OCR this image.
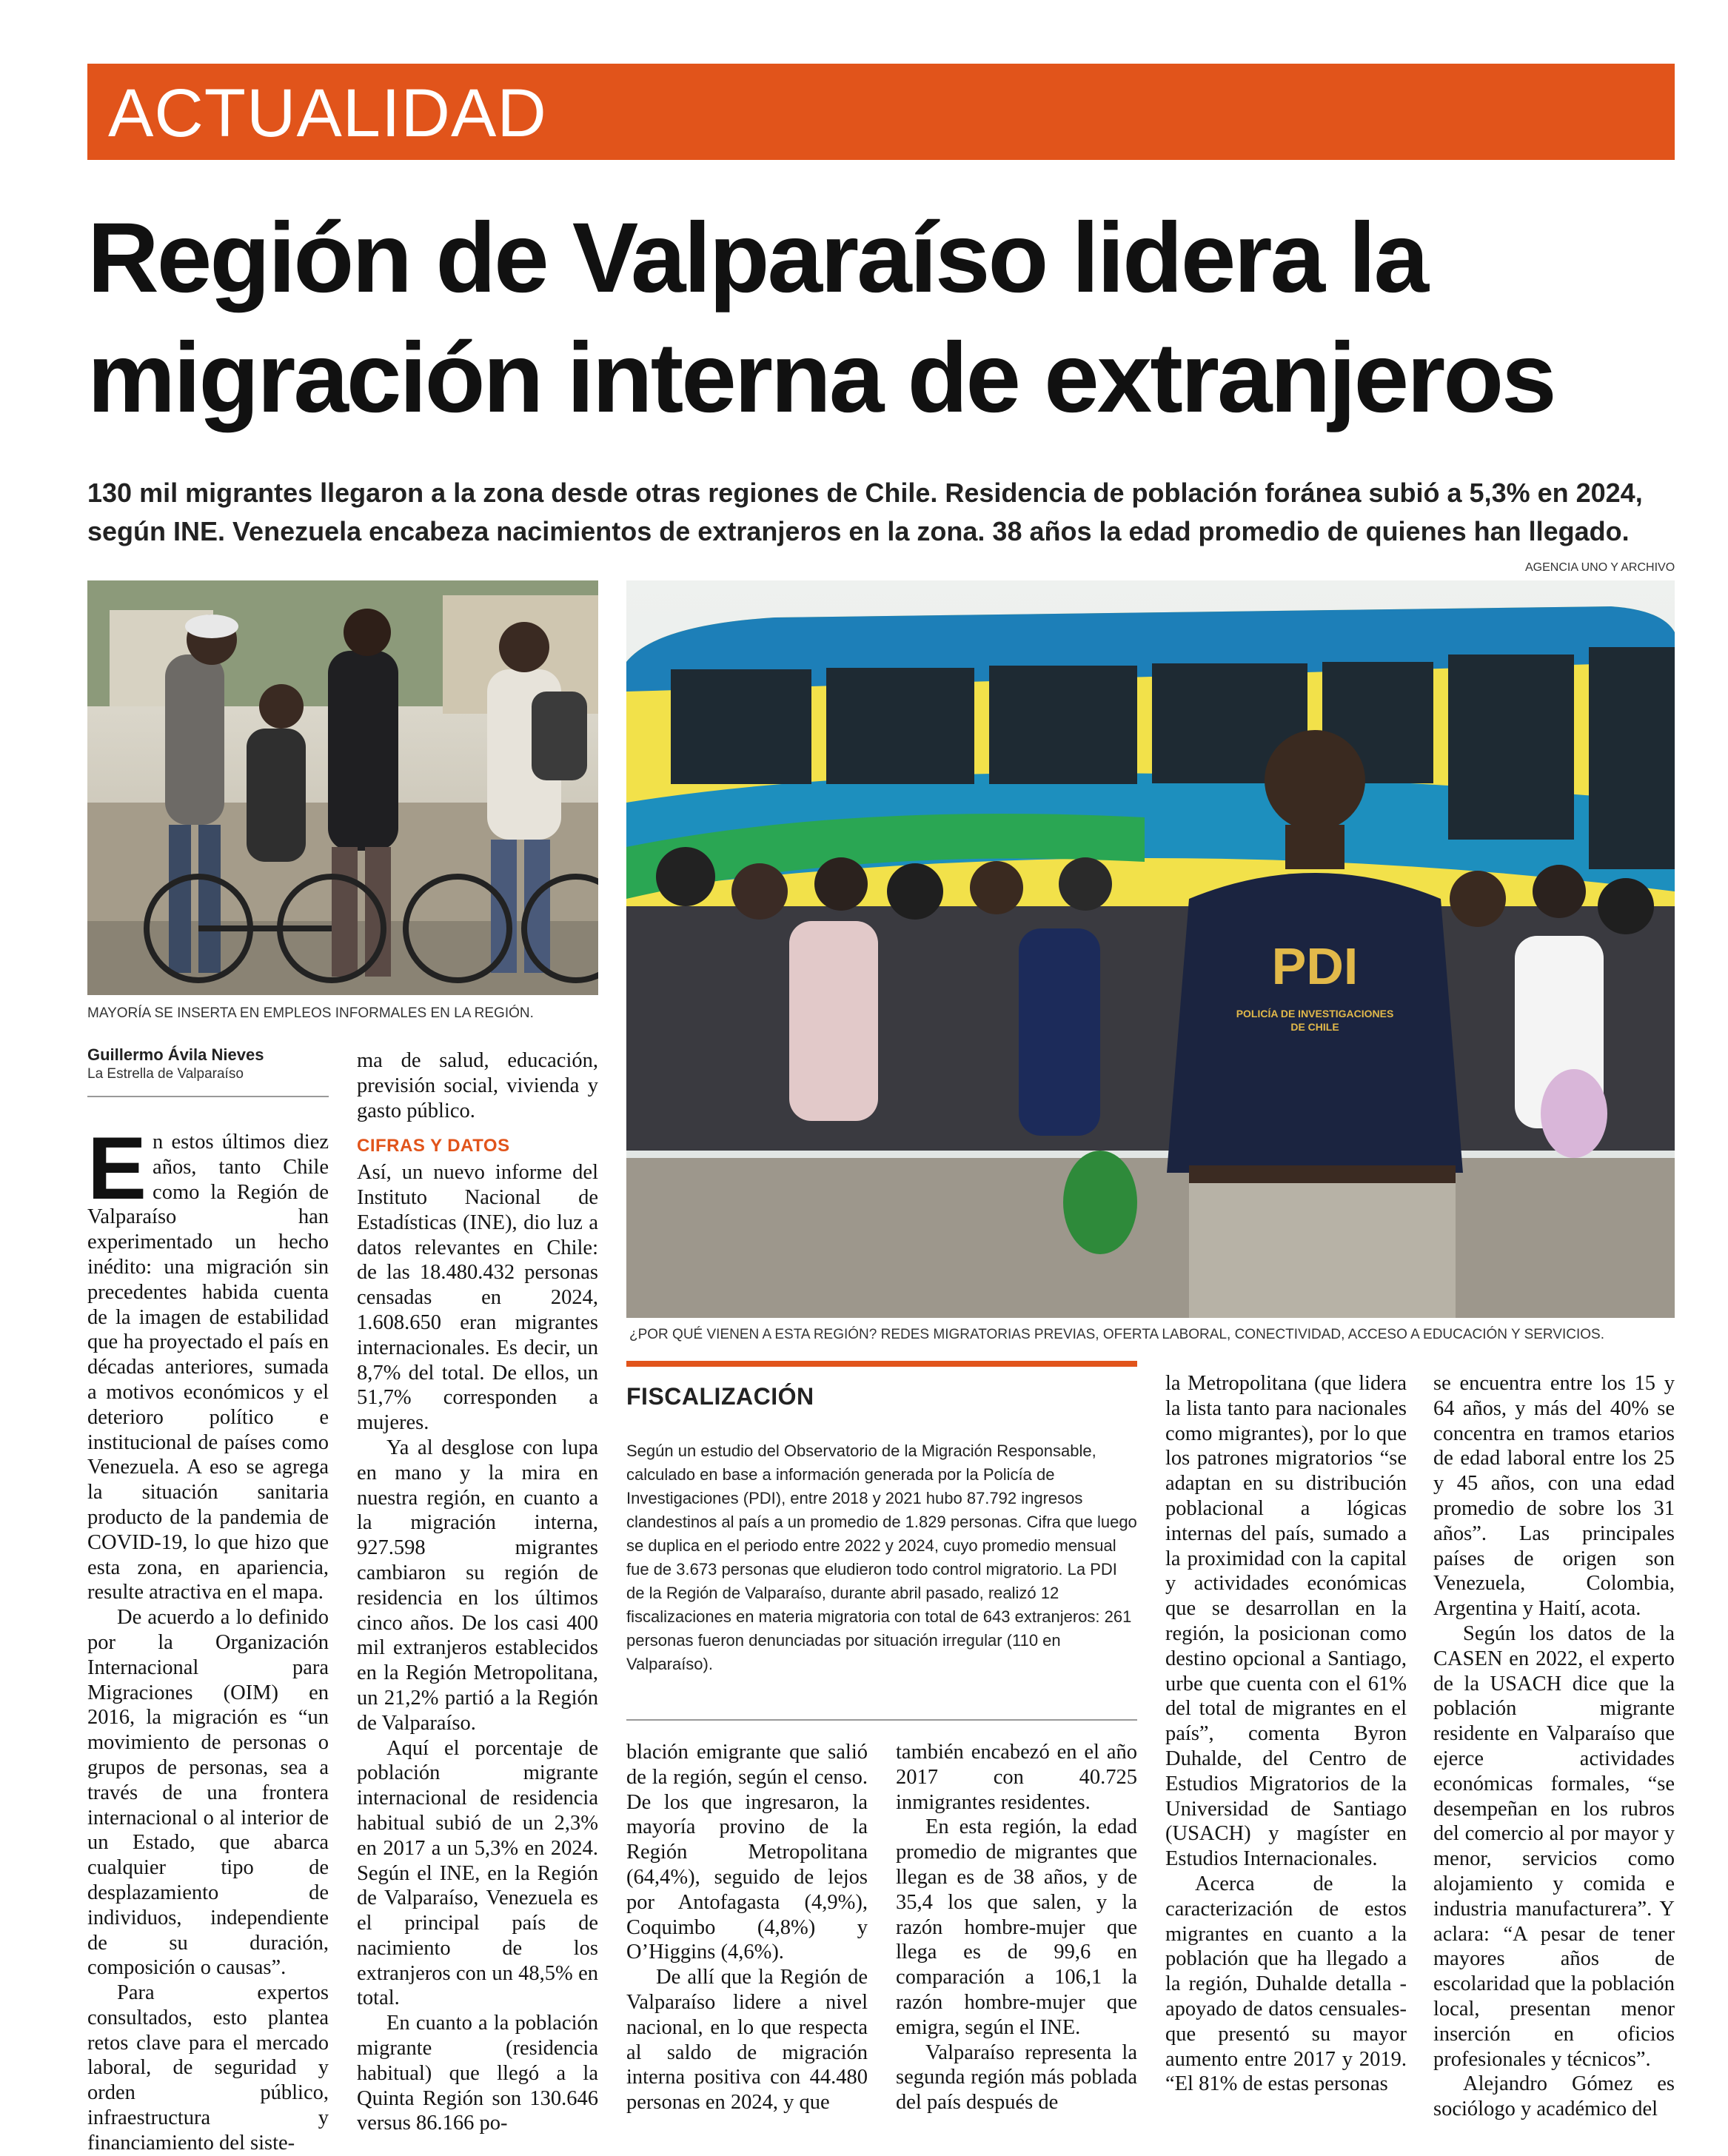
ACTUALIDAD
Región de Valparaíso lidera la
migración interna de extranjeros
130 mil migrantes llegaron a la zona desde otras regiones de Chile. Residencia de población foránea subió a 5,3% en 2024,
según INE. Venezuela encabeza nacimientos de extranjeros en la zona. 38 años la edad promedio de quienes han llegado.
AGENCIA UNO Y ARCHIVO
MAYORÍA SE INSERTA EN EMPLEOS INFORMALES EN LA REGIÓN.
PDI
POLICÍA DE INVESTIGACIONES
DE CHILE
¿POR QUÉ VIENEN A ESTA REGIÓN? REDES MIGRATORIAS PREVIAS, OFERTA LABORAL, CONECTIVIDAD, ACCESO A EDUCACIÓN Y SERVICIOS.
Guillermo Ávila Nieves
La Estrella de Valparaíso

En estos últimos diez años, tanto Chile como la Región de Valparaíso han experimentado un hecho inédito: una migración sin precedentes habida cuenta de la imagen de estabilidad que ha proyectado el país en décadas anteriores, sumada a motivos económicos y el deterioro político e institucional de países como Venezuela. A eso se agrega la situación sanitaria producto de la pandemia de COVID-19, lo que hizo que esta zona, en apariencia, resulte atractiva en el mapa.

De acuerdo a lo definido por la Organización Internacional para Migraciones (OIM) en 2016, la migración es “un movimiento de personas o grupos de personas, sea a través de una frontera internacional o al interior de un Estado, que abarca cualquier tipo de desplazamiento de individuos, independiente de su duración, composición o causas”.

Para expertos consultados, esto plantea retos clave para el mercado laboral, de seguridad y orden público, infraestructura y financiamiento del siste-

ma de salud, educación, previsión social, vivienda y gasto público.

CIFRAS Y DATOS

Así, un nuevo informe del Instituto Nacional de Estadísticas (INE), dio luz a datos relevantes en Chile: de las 18.480.432 personas censadas en 2024, 1.608.650 eran migrantes internacionales. Es decir, un 8,7% del total. De ellos, un 51,7% corresponden a mujeres.

Ya al desglose con lupa en mano y la mira en nuestra región, en cuanto a la migración interna, 927.598 migrantes cambiaron su región de residencia en los últimos cinco años. De los casi 400 mil extranjeros establecidos en la Región Metropolitana, un 21,2% partió a la Región de Valparaíso.

Aquí el porcentaje de población migrante internacional de residencia habitual subió de un 2,3% en 2017 a un 5,3% en 2024. Según el INE, en la Región de Valparaíso, Venezuela es el principal país de nacimiento de los extranjeros con un 48,5% en total.

En cuanto a la población migrante (residencia habitual) que llegó a la Quinta Región son 130.646 versus 86.166 po-

FISCALIZACIÓN
Según un estudio del Observatorio de la Migración Responsable, calculado en base a información generada por la Policía de Investigaciones (PDI), entre 2018 y 2021 hubo 87.792 ingresos clandestinos al país a un promedio de 1.829 personas. Cifra que luego se duplica en el periodo entre 2022 y 2024, cuyo promedio mensual fue de 3.673 personas que eludieron todo control migratorio. La PDI de la Región de Valparaíso, durante abril pasado, realizó 12 fiscalizaciones en materia migratoria con total de 643 extranjeros: 261 personas fueron denunciadas por situación irregular (110 en Valparaíso).

blación emigrante que salió de la región, según el censo. De los que ingresaron, la mayoría provino de la Región Metropolitana (64,4%), seguido de lejos por Antofagasta (4,9%), Coquimbo (4,8%) y O’Higgins (4,6%).

De allí que la Región de Valparaíso lidere a nivel nacional, en lo que respecta al saldo de migración interna positiva con 44.480 personas en 2024, y que

también encabezó en el año 2017 con 40.725 inmigrantes residentes.

En esta región, la edad promedio de migrantes que llegan es de 38 años, y de 35,4 los que salen, y la razón hombre-mujer que llega es de 99,6 en comparación a 106,1 la razón hombre-mujer que emigra, según el INE.

Valparaíso representa la segunda región más poblada del país después de

la Metropolitana (que lidera la lista tanto para nacionales como migrantes), por lo que los patrones migratorios “se adaptan en su distribución poblacional a lógicas internas del país, sumado a la proximidad con la capital y actividades económicas que se desarrollan en la región, la posicionan como destino opcional a Santiago, urbe que cuenta con el 61% del total de migrantes en el país”, comenta Byron Duhalde, del Centro de Estudios Migratorios de la Universidad de Santiago (USACH) y magíster en Estudios Internacionales.

Acerca de la caracterización de estos migrantes en cuanto a la población que ha llegado a la región, Duhalde detalla -apoyado de datos censuales- que presentó su mayor aumento entre 2017 y 2019. “El 81% de estas personas

se encuentra entre los 15 y 64 años, y más del 40% se concentra en tramos etarios de edad laboral entre los 25 y 45 años, con una edad promedio de sobre los 31 años”. Las principales países de origen son Venezuela, Colombia, Argentina y Haití, acota.

Según los datos de la CASEN en 2022, el experto de la USACH dice que la población migrante residente en Valparaíso que ejerce actividades económicas formales, “se desempeñan en los rubros del comercio al por mayor y menor, servicios como alojamiento y comida e industria manufacturera”. Y aclara: “A pesar de tener mayores años de escolaridad que la población local, presentan menor inserción en oficios profesionales y técnicos”.

Alejandro Gómez es sociólogo y académico del
